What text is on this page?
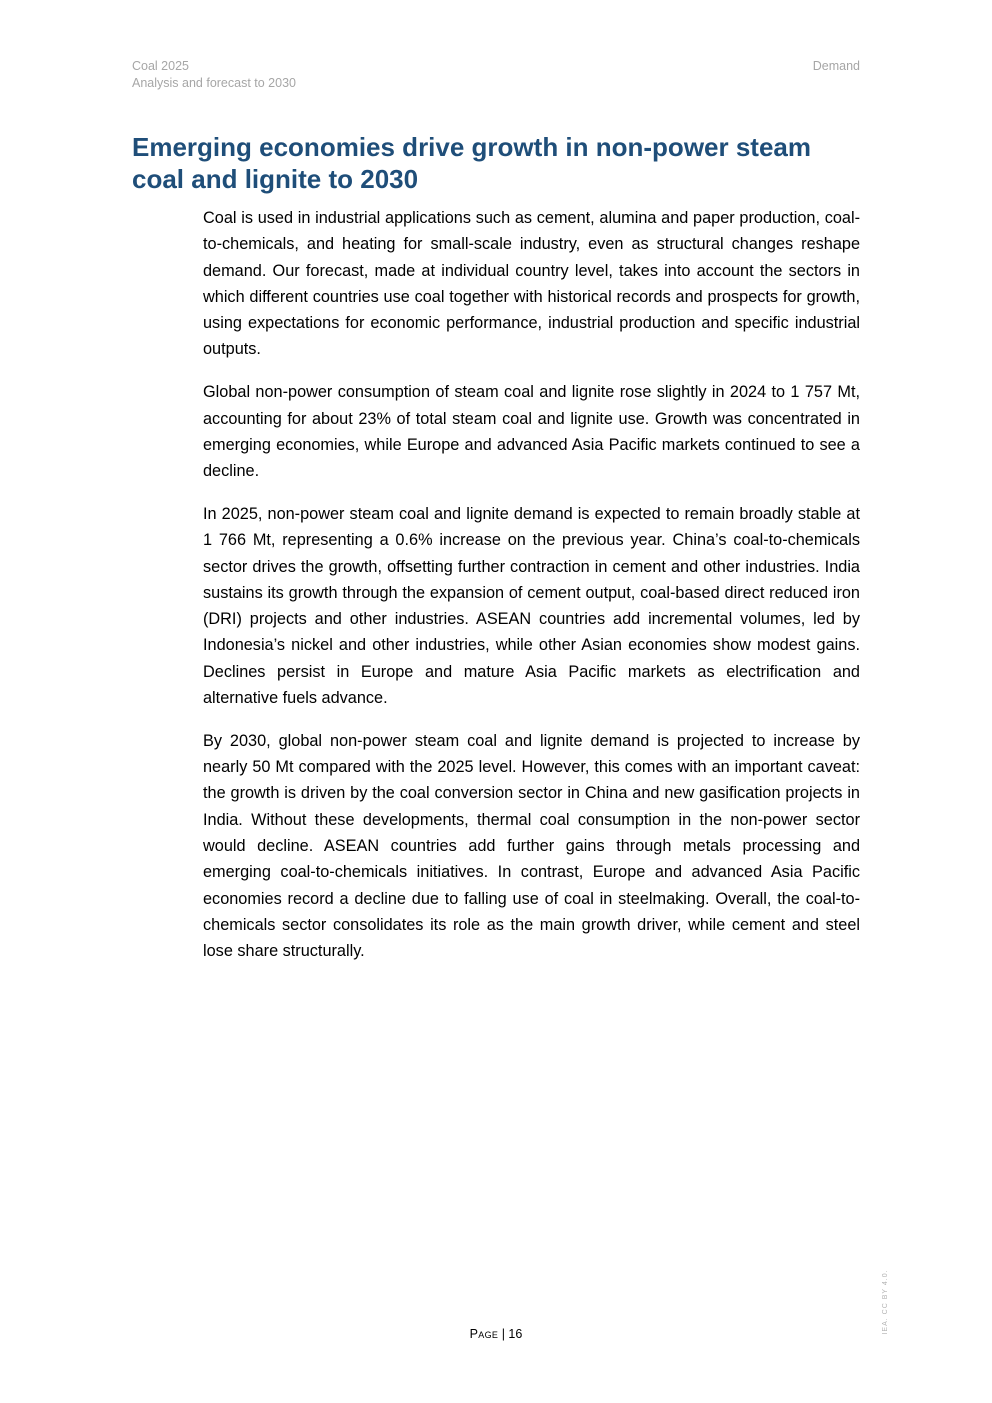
Coal 2025
Analysis and forecast to 2030
Demand
Emerging economies drive growth in non-power steam coal and lignite to 2030

Coal is used in industrial applications such as cement, alumina and paper production, coal-to-chemicals, and heating for small-scale industry, even as structural changes reshape demand. Our forecast, made at individual country level, takes into account the sectors in which different countries use coal together with historical records and prospects for growth, using expectations for economic performance, industrial production and specific industrial outputs.

Global non-power consumption of steam coal and lignite rose slightly in 2024 to 1 757 Mt, accounting for about 23% of total steam coal and lignite use. Growth was concentrated in emerging economies, while Europe and advanced Asia Pacific markets continued to see a decline.

In 2025, non-power steam coal and lignite demand is expected to remain broadly stable at 1 766 Mt, representing a 0.6% increase on the previous year. China’s coal-to-chemicals sector drives the growth, offsetting further contraction in cement and other industries. India sustains its growth through the expansion of cement output, coal-based direct reduced iron (DRI) projects and other industries. ASEAN countries add incremental volumes, led by Indonesia’s nickel and other industries, while other Asian economies show modest gains. Declines persist in Europe and mature Asia Pacific markets as electrification and alternative fuels advance.

By 2030, global non-power steam coal and lignite demand is projected to increase by nearly 50 Mt compared with the 2025 level. However, this comes with an important caveat: the growth is driven by the coal conversion sector in China and new gasification projects in India. Without these developments, thermal coal consumption in the non-power sector would decline. ASEAN countries add further gains through metals processing and emerging coal-to-chemicals initiatives. In contrast, Europe and advanced Asia Pacific economies record a decline due to falling use of coal in steelmaking. Overall, the coal-to-chemicals sector consolidates its role as the main growth driver, while cement and steel lose share structurally.

Page | 16	IEA. CC BY 4.0.
